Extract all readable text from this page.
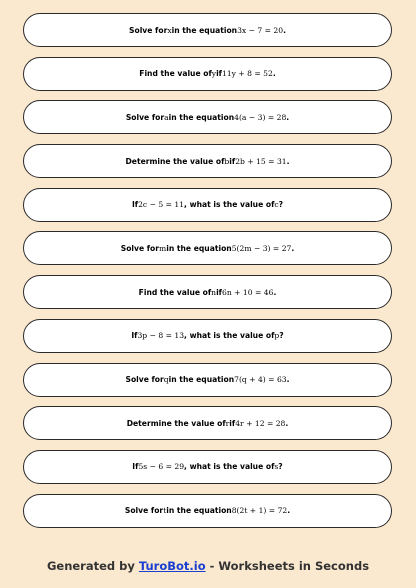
Solve for x in the equation 3x − 7 = 20 .
Find the value of y if 11y + 8 = 52 .
Solve for a in the equation 4(a − 3) = 28 .
Determine the value of b if 2b + 15 = 31 .
If 2c − 5 = 11 , what is the value of c ?
Solve for m in the equation 5(2m − 3) = 27 .
Find the value of n if 6n + 10 = 46 .
If 3p − 8 = 13 , what is the value of p ?
Solve for q in the equation 7(q + 4) = 63 .
Determine the value of r if 4r + 12 = 28 .
If 5s − 6 = 29 , what is the value of s ?
Solve for t in the equation 8(2t + 1) = 72 .
Generated by TuroBot.io - Worksheets in Seconds
